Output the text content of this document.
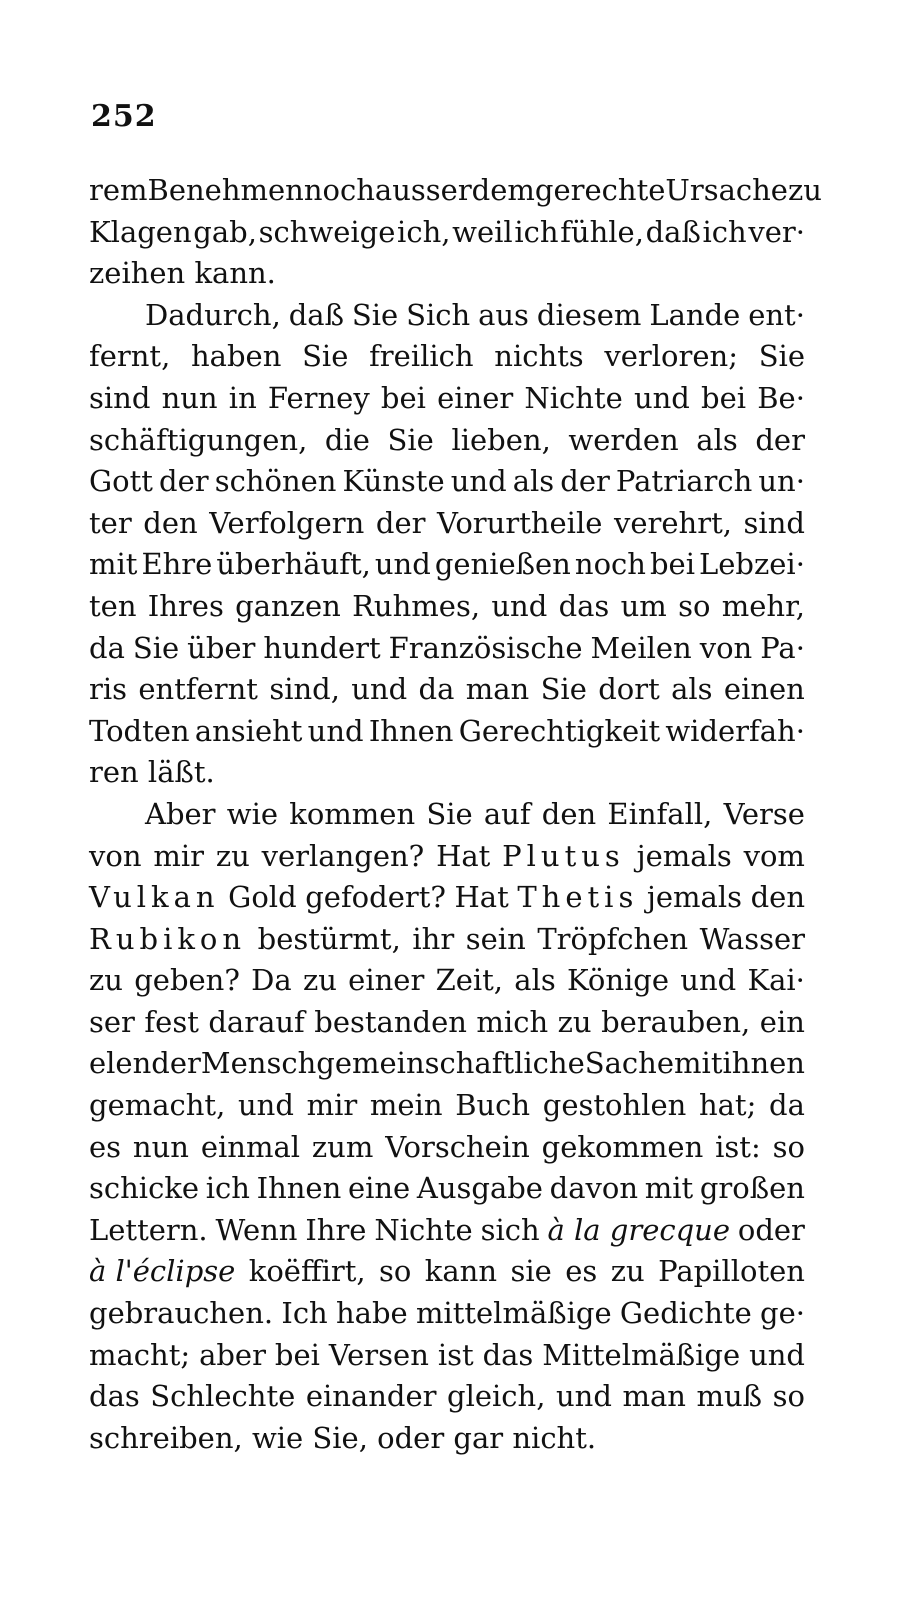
252
rem Benehmen noch ausserdem gerechte Ursache zu
Klagen gab, schweige ich, weil ich fühle, daß ich ver·
zeihen kann.
Dadurch, daß Sie Sich aus diesem Lande ent·
fernt, haben Sie freilich nichts verloren; Sie
sind nun in Ferney bei einer Nichte und bei Be·
schäftigungen, die Sie lieben, werden als der
Gott der schönen Künste und als der Patriarch un·
ter den Verfolgern der Vorurtheile verehrt, sind
mit Ehre überhäuft, und genießen noch bei Lebzei·
ten Ihres ganzen Ruhmes, und das um so mehr,
da Sie über hundert Französische Meilen von Pa·
ris entfernt sind, und da man Sie dort als einen
Todten ansieht und Ihnen Gerechtigkeit widerfah·
ren läßt.
Aber wie kommen Sie auf den Einfall, Verse
von mir zu verlangen? Hat Plutus jemals vom
Vulkan Gold gefodert? Hat Thetis jemals den
Rubikon bestürmt, ihr sein Tröpfchen Wasser
zu geben? Da zu einer Zeit, als Könige und Kai·
ser fest darauf bestanden mich zu berauben, ein
elender Mensch gemeinschaftliche Sache mit ihnen
gemacht, und mir mein Buch gestohlen hat; da
es nun einmal zum Vorschein gekommen ist: so
schicke ich Ihnen eine Ausgabe davon mit großen
Lettern. Wenn Ihre Nichte sich à la grecque oder
à l'éclipse koëffirt, so kann sie es zu Papilloten
gebrauchen. Ich habe mittelmäßige Gedichte ge·
macht; aber bei Versen ist das Mittelmäßige und
das Schlechte einander gleich, und man muß so
schreiben, wie Sie, oder gar nicht.
